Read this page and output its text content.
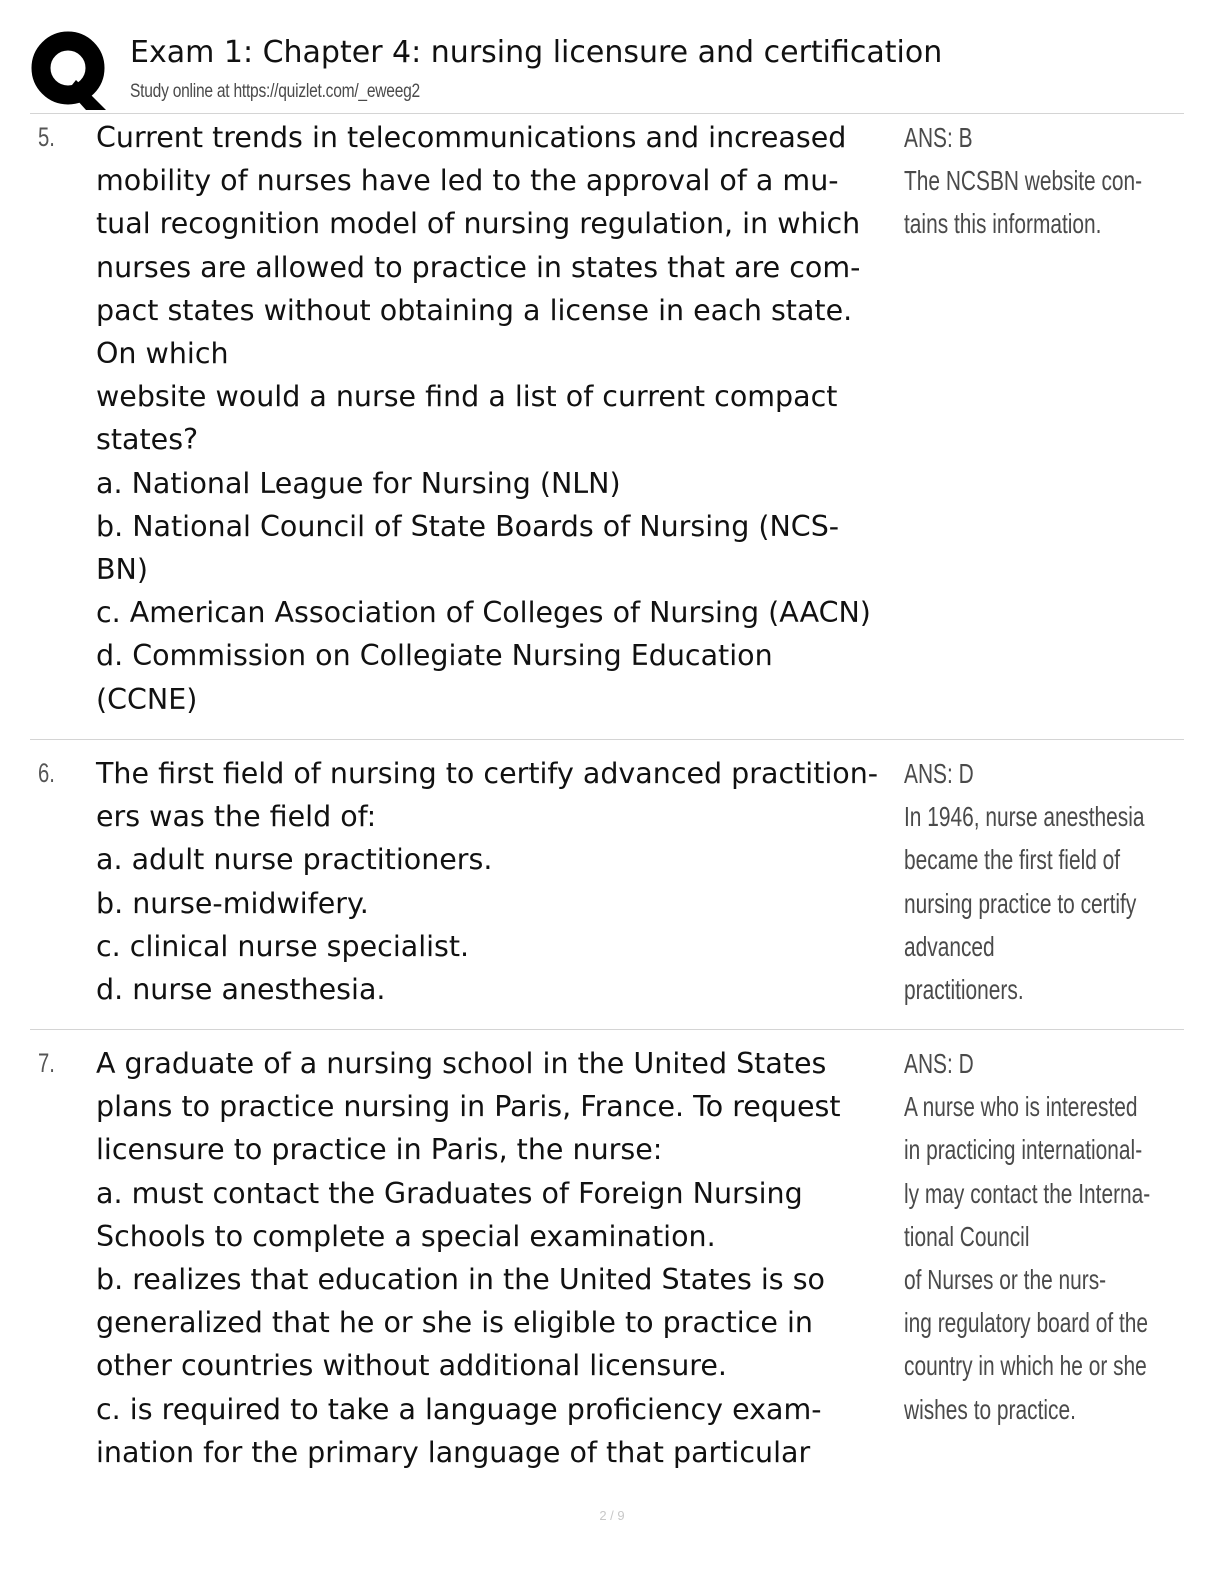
Exam 1: Chapter 4: nursing licensure and certification
Study online at https://quizlet.com/_eweeg2
5. Current trends in telecommunications and increased
mobility of nurses have led to the approval of a mu-
tual recognition model of nursing regulation, in which
nurses are allowed to practice in states that are com-
pact states without obtaining a license in each state.
On which
website would a nurse find a list of current compact
states?
a. National League for Nursing (NLN)
b. National Council of State Boards of Nursing (NCS-
BN)
c. American Association of Colleges of Nursing (AACN)
d. Commission on Collegiate Nursing Education
(CCNE)
ANS: B
The NCSBN website con-
tains this information.
6. The first field of nursing to certify advanced practition-
ers was the field of:
a. adult nurse practitioners.
b. nurse-midwifery.
c. clinical nurse specialist.
d. nurse anesthesia.
ANS: D
In 1946, nurse anesthesia
became the first field of
nursing practice to certify
advanced
practitioners.
7. A graduate of a nursing school in the United States
plans to practice nursing in Paris, France. To request
licensure to practice in Paris, the nurse:
a. must contact the Graduates of Foreign Nursing
Schools to complete a special examination.
b. realizes that education in the United States is so
generalized that he or she is eligible to practice in
other countries without additional licensure.
c. is required to take a language proficiency exam-
ination for the primary language of that particular
ANS: D
A nurse who is interested
in practicing international-
ly may contact the Interna-
tional Council
of Nurses or the nurs-
ing regulatory board of the
country in which he or she
wishes to practice.
2 / 9
